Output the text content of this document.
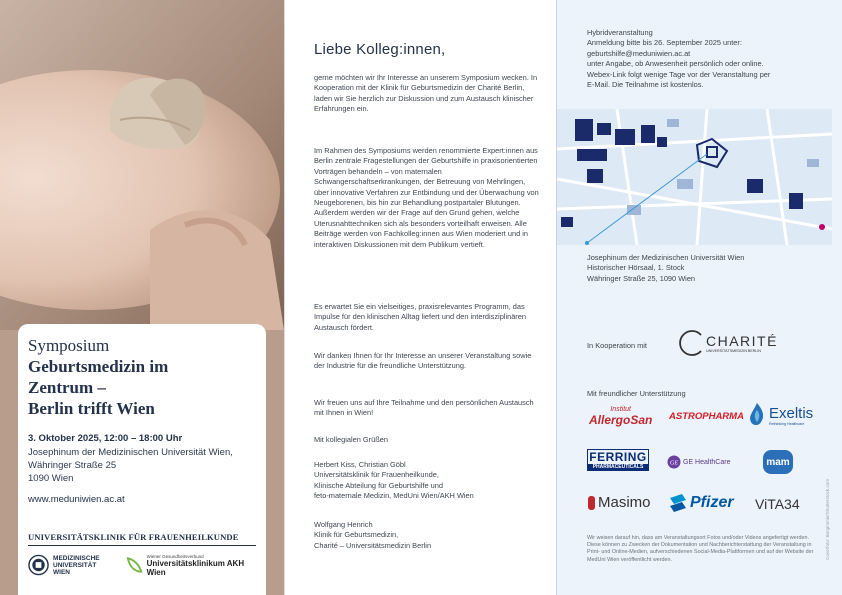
Symposium
Geburtsmedizin im
Zentrum –
Berlin trifft Wien
3. Oktober 2025, 12:00 – 18:00 Uhr
Josephinum der Medizinischen Universität Wien,
Währinger Straße 25
1090 Wien
www.meduniwien.ac.at
UNIVERSITÄTSKLINIK FÜR FRAUENHEILKUNDE
MEDIZINISCHE
UNIVERSITÄT WIEN
Wiener Gesundheitsverbund
Universitätsklinikum AKH Wien
Liebe Kolleg:innen,
gerne möchten wir Ihr Interesse an unserem Symposium wecken. In Kooperation mit der Klinik für Geburtsmedizin der Charité Berlin, laden wir Sie herzlich zur Diskussion und zum Austausch klinischer Erfahrungen ein.
Im Rahmen des Symposiums werden renommierte Expert:innen aus Berlin zentrale Fragestellungen der Geburtshilfe in praxisorientierten Vorträgen behandeln – von maternalen Schwangerschaftserkrankungen, der Betreuung von Mehrlingen, über innovative Verfahren zur Entbindung und der Überwachung von Neugeborenen, bis hin zur Behandlung postpartaler Blutungen. Außerdem werden wir der Frage auf den Grund gehen, welche Uterusnahttechniken sich als besonders vorteilhaft erweisen. Alle Beiträge werden von Fachkolleg:innen aus Wien moderiert und in interaktiven Diskussionen mit dem Publikum vertieft.
Es erwartet Sie ein vielseitiges, praxisrelevantes Programm, das Impulse für den klinischen Alltag liefert und den interdisziplinären Austausch fördert.
Wir danken Ihnen für Ihr Interesse an unserer Veranstaltung sowie der Industrie für die freundliche Unterstützung.
Wir freuen uns auf Ihre Teilnahme und den persönlichen Austausch mit Ihnen in Wien!
Mit kollegialen Grüßen
Herbert Kiss, Christian Göbl
Universitätsklinik für Frauenheilkunde,
Klinische Abteilung für Geburtshilfe und
feto-maternale Medizin, MedUni Wien/AKH Wien
Wolfgang Henrich
Klinik für Geburtsmedizin,
Charité – Universitätsmedizin Berlin
Hybridveranstaltung
Anmeldung bitte bis 26. September 2025 unter:
geburtshilfe@meduniwien.ac.at
unter Angabe, ob Anwesenheit persönlich oder online.
Webex-Link folgt wenige Tage vor der Veranstaltung per
E-Mail. Die Teilnahme ist kostenlos.
Josephinum der Medizinischen Universität Wien
Historischer Hörsaal, 1. Stock
Währinger Straße 25, 1090 Wien
In Kooperation mit	CHARITÉ
UNIVERSITÄTSMEDIZIN BERLIN
Mit freundlicher Unterstützung
Institut
AllergoSan ASTROPHARMA Exeltis
Rethinking Healthcare
FERRING
PHARMACEUTICALS
GE GE HealthCare	mam
Masimo Pfizer ViTA34
Wir weisen darauf hin, dass am Veranstaltungsort Fotos und/oder Videos angefertigt werden. Diese können zu Zwecken der Dokumentation und Nachberichterstattung der Veranstaltung in Print- und Online-Medien, aufverschiedenen Social-Media-Plattformen und auf der Website der MedUni Wien veröffentlicht werden.	Coverfoto: Bergimmie/Shutterstock.com
